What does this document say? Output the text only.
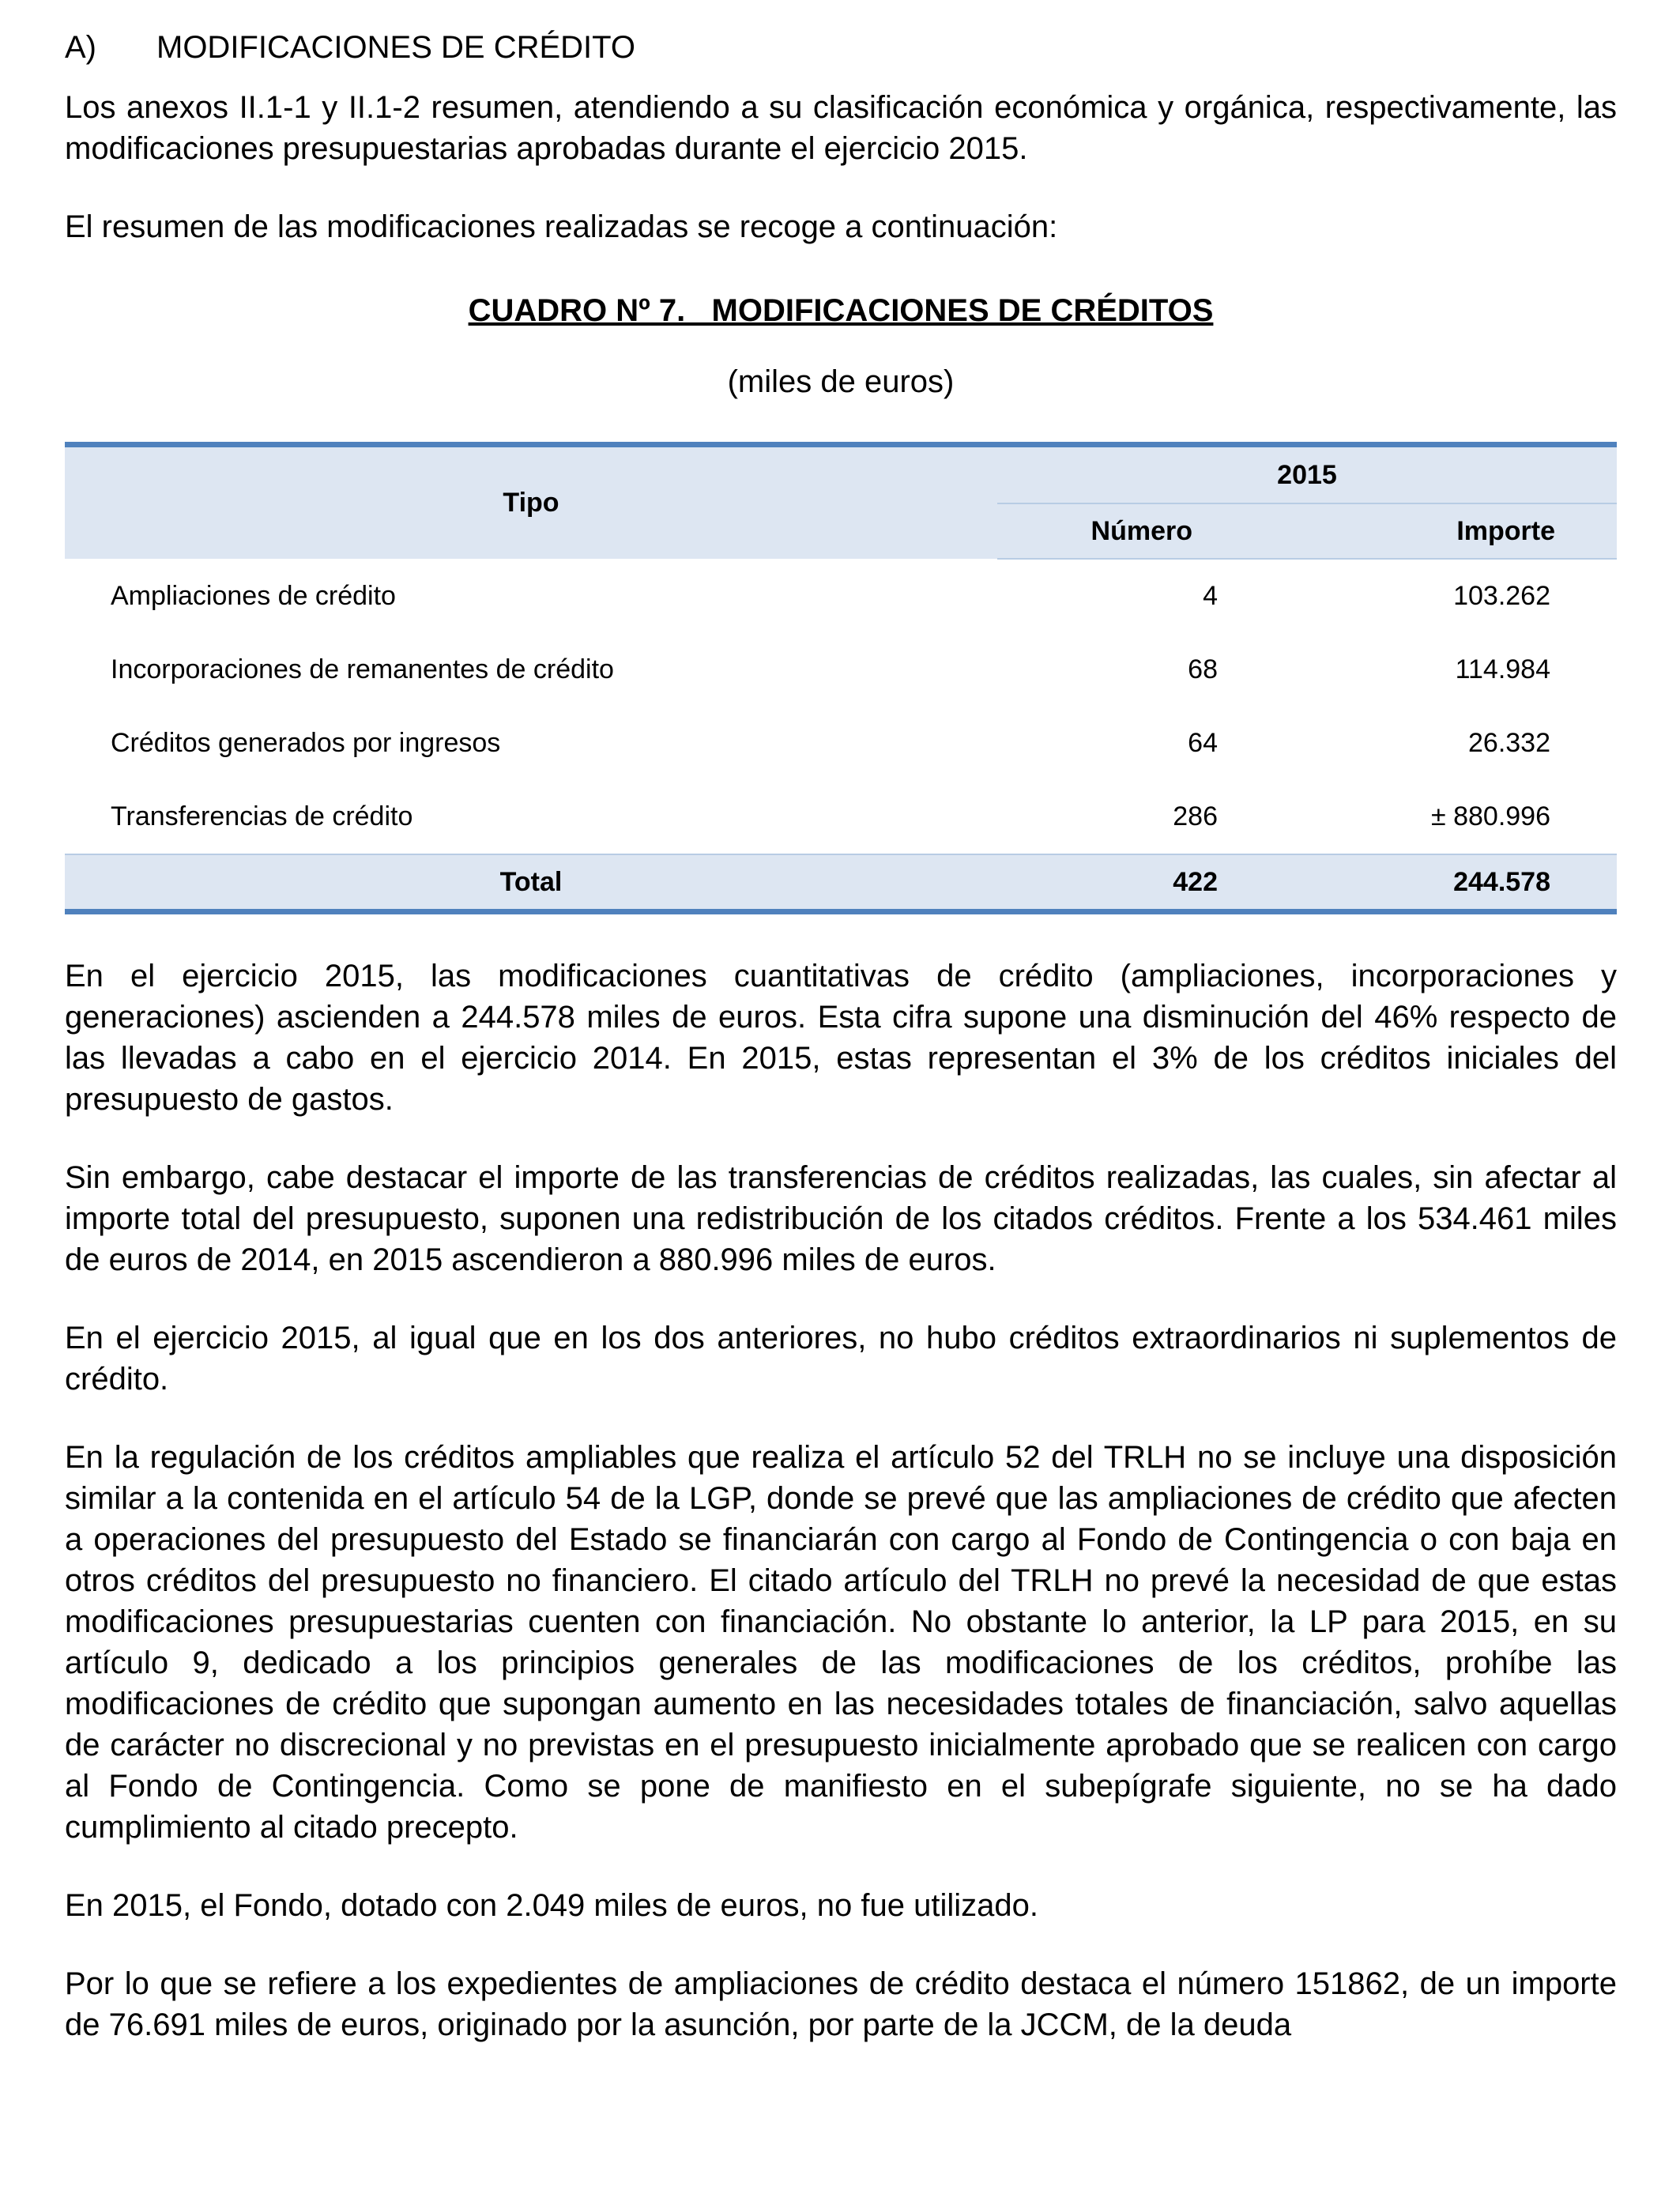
A)	MODIFICACIONES DE CRÉDITO

Los anexos II.1-1 y II.1-2 resumen, atendiendo a su clasificación económica y orgánica, respectivamente, las modificaciones presupuestarias aprobadas durante el ejercicio 2015.

El resumen de las modificaciones realizadas se recoge a continuación:

CUADRO Nº 7.   MODIFICACIONES DE CRÉDITOS
(miles de euros)
Tipo	2015	
	Número	Importe
Ampliaciones de crédito	4	103.262
Incorporaciones de remanentes de crédito	68	114.984
Créditos generados por ingresos	64	26.332
Transferencias de crédito	286	± 880.996
Total	422	244.578

En el ejercicio 2015, las modificaciones cuantitativas de crédito (ampliaciones, incorporaciones y generaciones) ascienden a 244.578 miles de euros. Esta cifra supone una disminución del 46% respecto de las llevadas a cabo en el ejercicio 2014. En 2015, estas representan el 3% de los créditos iniciales del presupuesto de gastos.

Sin embargo, cabe destacar el importe de las transferencias de créditos realizadas, las cuales, sin afectar al importe total del presupuesto, suponen una redistribución de los citados créditos. Frente a los 534.461 miles de euros de 2014, en 2015 ascendieron a 880.996 miles de euros.

En el ejercicio 2015, al igual que en los dos anteriores, no hubo créditos extraordinarios ni suplementos de crédito.

En la regulación de los créditos ampliables que realiza el artículo 52 del TRLH no se incluye una disposición similar a la contenida en el artículo 54 de la LGP, donde se prevé que las ampliaciones de crédito que afecten a operaciones del presupuesto del Estado se financiarán con cargo al Fondo de Contingencia o con baja en otros créditos del presupuesto no financiero. El citado artículo del TRLH no prevé la necesidad de que estas modificaciones presupuestarias cuenten con financiación. No obstante lo anterior, la LP para 2015, en su artículo 9, dedicado a los principios generales de las modificaciones de los créditos, prohíbe las modificaciones de crédito que supongan aumento en las necesidades totales de financiación, salvo aquellas de carácter no discrecional y no previstas en el presupuesto inicialmente aprobado que se realicen con cargo al Fondo de Contingencia. Como se pone de manifiesto en el subepígrafe siguiente, no se ha dado cumplimiento al citado precepto.

En 2015, el Fondo, dotado con 2.049 miles de euros, no fue utilizado.

Por lo que se refiere a los expedientes de ampliaciones de crédito destaca el número 151862, de un importe de 76.691 miles de euros, originado por la asunción, por parte de la JCCM, de la deuda
